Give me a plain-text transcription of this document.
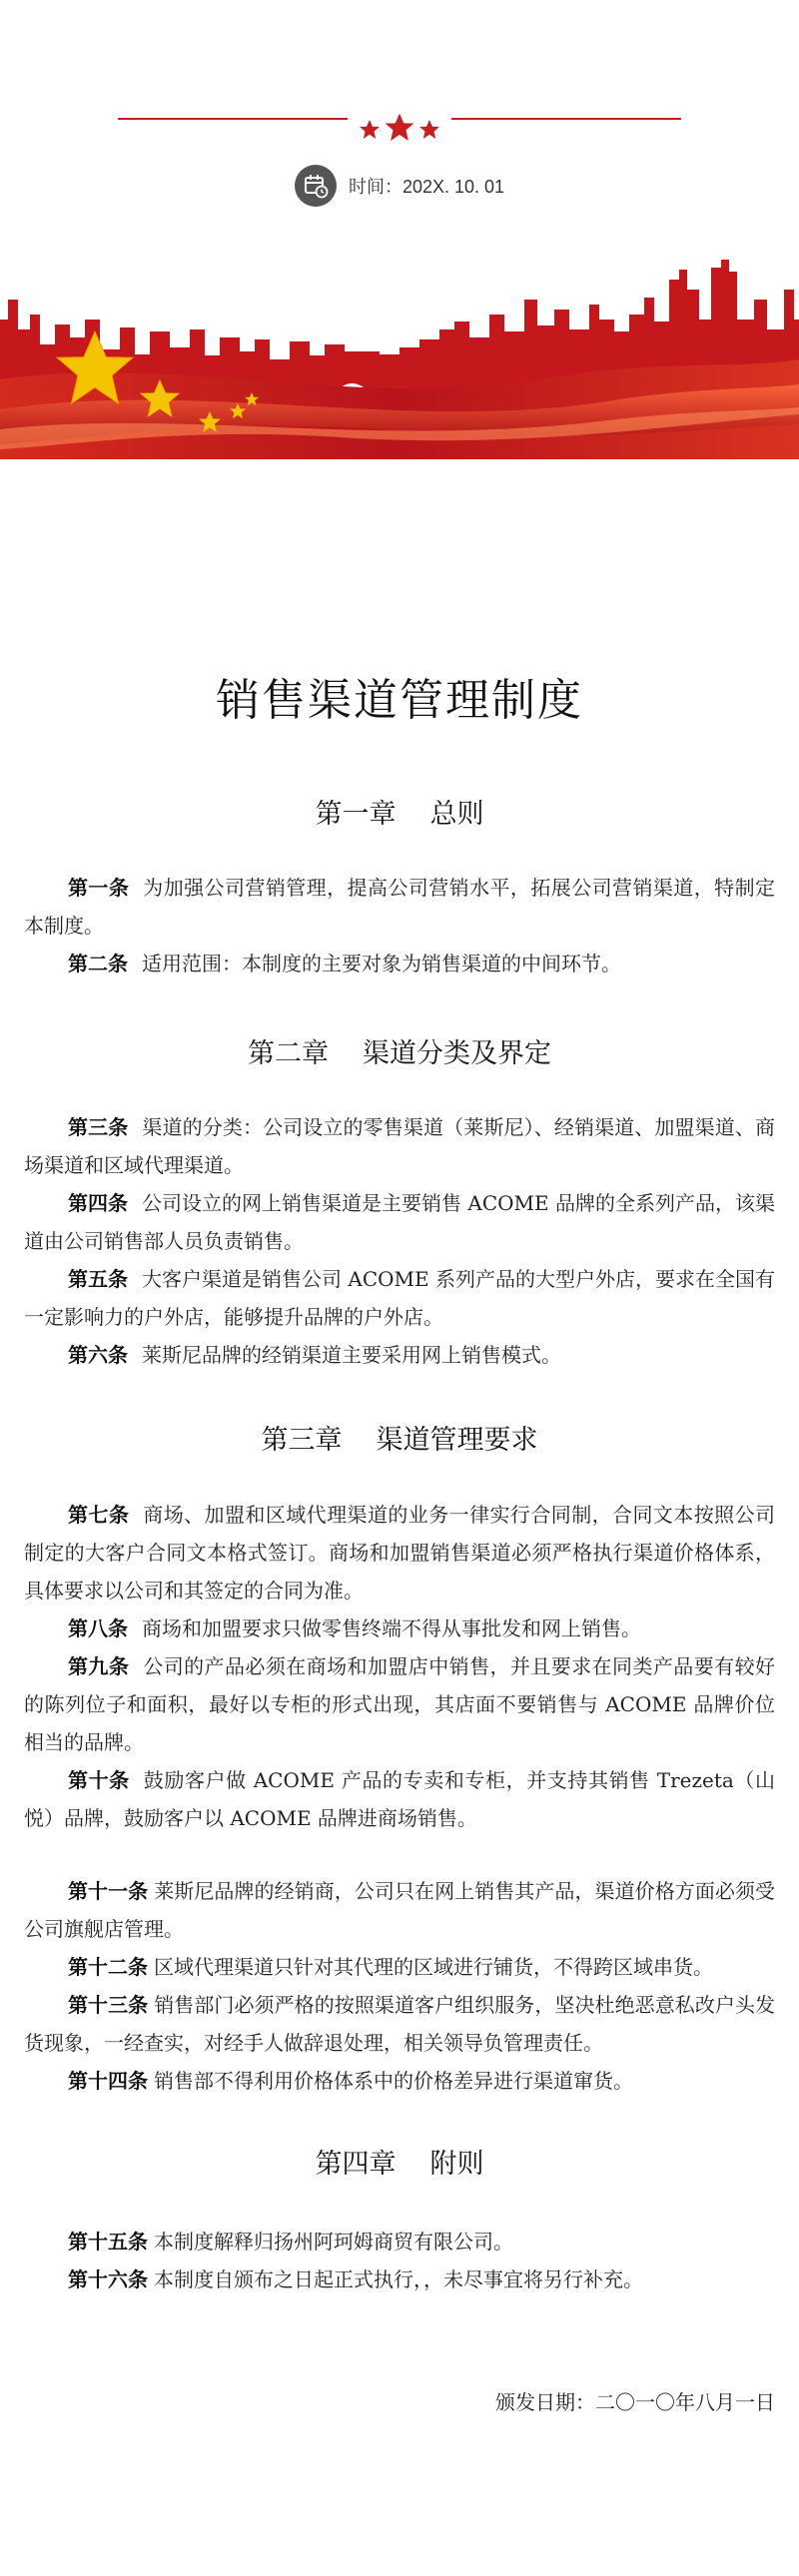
时间：202X. 10. 01
销售渠道管理制度
第一章 总则
第一条 为加强公司营销管理，提高公司营销水平，拓展公司营销渠道，特制定本制度。
第二条 适用范围：本制度的主要对象为销售渠道的中间环节。
第二章 渠道分类及界定
第三条 渠道的分类：公司设立的零售渠道（莱斯尼）、经销渠道、加盟渠道、商场渠道和区域代理渠道。
第四条 公司设立的网上销售渠道是主要销售 ACOME 品牌的全系列产品，该渠道由公司销售部人员负责销售。
第五条 大客户渠道是销售公司 ACOME 系列产品的大型户外店，要求在全国有一定影响力的户外店，能够提升品牌的户外店。
第六条 莱斯尼品牌的经销渠道主要采用网上销售模式。
第三章 渠道管理要求
第七条 商场、加盟和区域代理渠道的业务一律实行合同制，合同文本按照公司制定的大客户合同文本格式签订。商场和加盟销售渠道必须严格执行渠道价格体系，具体要求以公司和其签定的合同为准。
第八条 商场和加盟要求只做零售终端不得从事批发和网上销售。
第九条 公司的产品必须在商场和加盟店中销售，并且要求在同类产品要有较好的陈列位子和面积，最好以专柜的形式出现，其店面不要销售与 ACOME 品牌价位相当的品牌。
第十条 鼓励客户做 ACOME 产品的专卖和专柜，并支持其销售 Trezeta（山悦）品牌，鼓励客户以 ACOME 品牌进商场销售。
第十一条 莱斯尼品牌的经销商，公司只在网上销售其产品，渠道价格方面必须受公司旗舰店管理。
第十二条 区域代理渠道只针对其代理的区域进行铺货，不得跨区域串货。
第十三条 销售部门必须严格的按照渠道客户组织服务，坚决杜绝恶意私改户头发货现象，一经查实，对经手人做辞退处理，相关领导负管理责任。
第十四条 销售部不得利用价格体系中的价格差异进行渠道窜货。
第四章 附则
第十五条 本制度解释归扬州阿珂姆商贸有限公司。
第十六条 本制度自颁布之日起正式执行，，未尽事宜将另行补充。
颁发日期：二〇一〇年八月一日
